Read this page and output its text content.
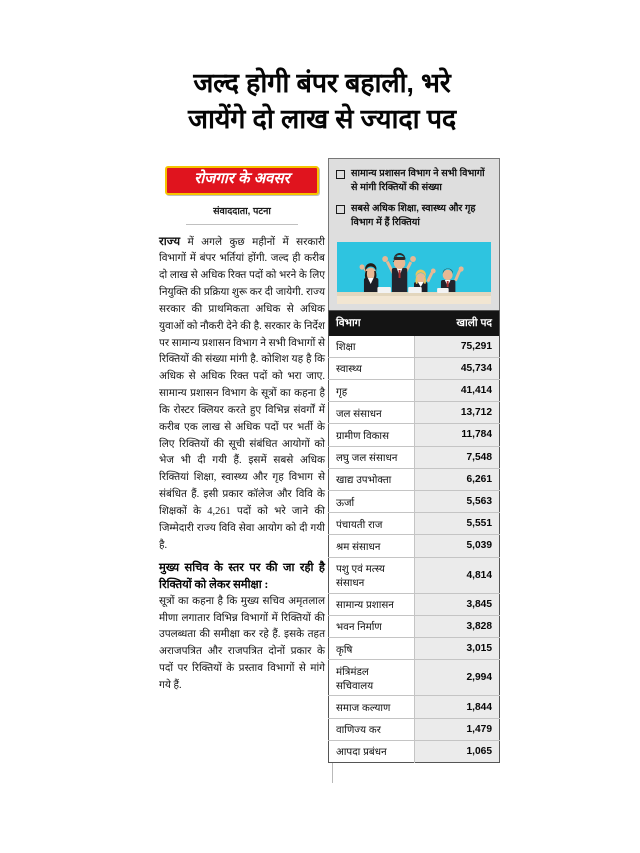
जल्द होगी बंपर बहाली, भरे
जायेंगे दो लाख से ज्यादा पद
रोजगार के अवसर
संवाददाता, पटना

राज्य में अगले कुछ महीनों में सरकारी विभागों में बंपर भर्तियां होंगी. जल्द ही करीब दो लाख से अधिक रिक्त पदों को भरने के लिए नियुक्ति की प्रक्रिया शुरू कर दी जायेगी. राज्य सरकार की प्राथमिकता अधिक से अधिक युवाओं को नौकरी देने की है. सरकार के निर्देश पर सामान्य प्रशासन विभाग ने सभी विभागों से रिक्तियों की संख्या मांगी है. कोशिश यह है कि अधिक से अधिक रिक्त पदों को भरा जाए. सामान्य प्रशासन विभाग के सूत्रों का कहना है कि रोस्टर क्लियर करते हुए विभिन्न संवर्गों में करीब एक लाख से अधिक पदों पर भर्ती के लिए रिक्तियों की सूची संबंधित आयोगों को भेज भी दी गयी हैं. इसमें सबसे अधिक रिक्तियां शिक्षा, स्वास्थ्य और गृह विभाग से संबंधित हैं. इसी प्रकार कॉलेज और विवि के शिक्षकों के 4,261 पदों को भरे जाने की जिम्मेदारी राज्य विवि सेवा आयोग को दी गयी है.

मुख्य सचिव के स्तर पर की जा रही है रिक्तियों को लेकर समीक्षा :
सूत्रों का कहना है कि मुख्य सचिव अमृतलाल मीणा लगातार विभिन्न विभागों में रिक्तियों की उपलब्धता की समीक्षा कर रहे हैं. इसके तहत अराजपत्रित और राजपत्रित दोनों प्रकार के पदों पर रिक्तियों के प्रस्ताव विभागों से मांगे गये हैं.

सामान्य प्रशासन विभाग ने सभी विभागों से मांगी रिक्तियों की संख्या
सबसे अधिक शिक्षा, स्वास्थ्य और गृह विभाग में हैं रिक्तियां
विभाग	खाली पद
शिक्षा	75,291
स्वास्थ्य	45,734
गृह	41,414
जल संसाधन	13,712
ग्रामीण विकास	11,784
लघु जल संसाधन	7,548
खाद्य उपभोक्ता	6,261
ऊर्जा	5,563
पंचायती राज	5,551
श्रम संसाधन	5,039
पशु एवं मत्स्य संसाधन	4,814
सामान्य प्रशासन	3,845
भवन निर्माण	3,828
कृषि	3,015
मंत्रिमंडल सचिवालय	2,994
समाज कल्याण	1,844
वाणिज्य कर	1,479
आपदा प्रबंधन	1,065
